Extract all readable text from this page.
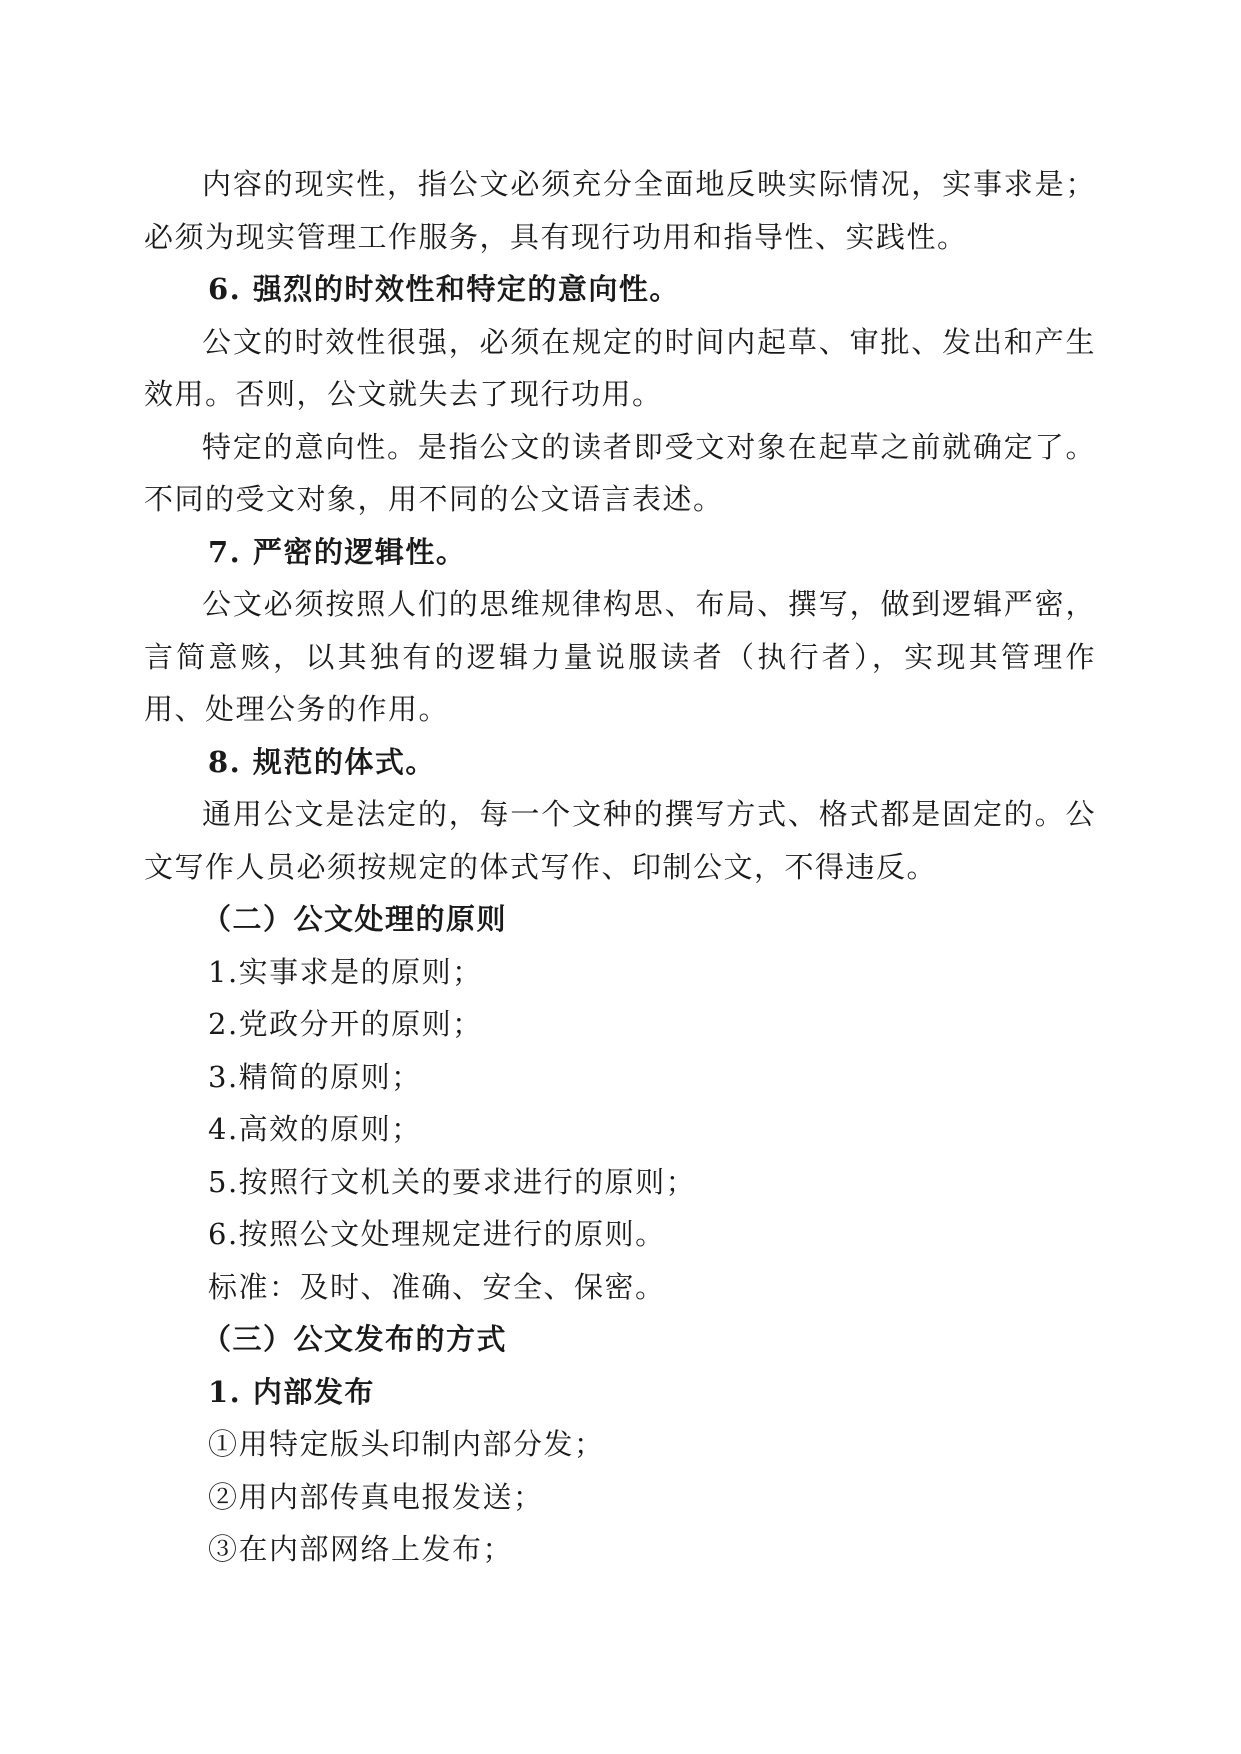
内容的现实性，指公文必须充分全面地反映实际情况，实事求是；必须为现实管理工作服务，具有现行功用和指导性、实践性。

6. 强烈的时效性和特定的意向性。

公文的时效性很强，必须在规定的时间内起草、审批、发出和产生效用。否则，公文就失去了现行功用。

特定的意向性。是指公文的读者即受文对象在起草之前就确定了。不同的受文对象，用不同的公文语言表述。

7. 严密的逻辑性。

公文必须按照人们的思维规律构思、布局、撰写，做到逻辑严密，言简意赅，以其独有的逻辑力量说服读者（执行者），实现其管理作用、处理公务的作用。

8. 规范的体式。

通用公文是法定的，每一个文种的撰写方式、格式都是固定的。公文写作人员必须按规定的体式写作、印制公文，不得违反。

（二）公文处理的原则

1.实事求是的原则；

2.党政分开的原则；

3.精简的原则；

4.高效的原则；

5.按照行文机关的要求进行的原则；

6.按照公文处理规定进行的原则。

标准：及时、准确、安全、保密。

（三）公文发布的方式

1. 内部发布

①用特定版头印制内部分发；

②用内部传真电报发送；

③在内部网络上发布；
